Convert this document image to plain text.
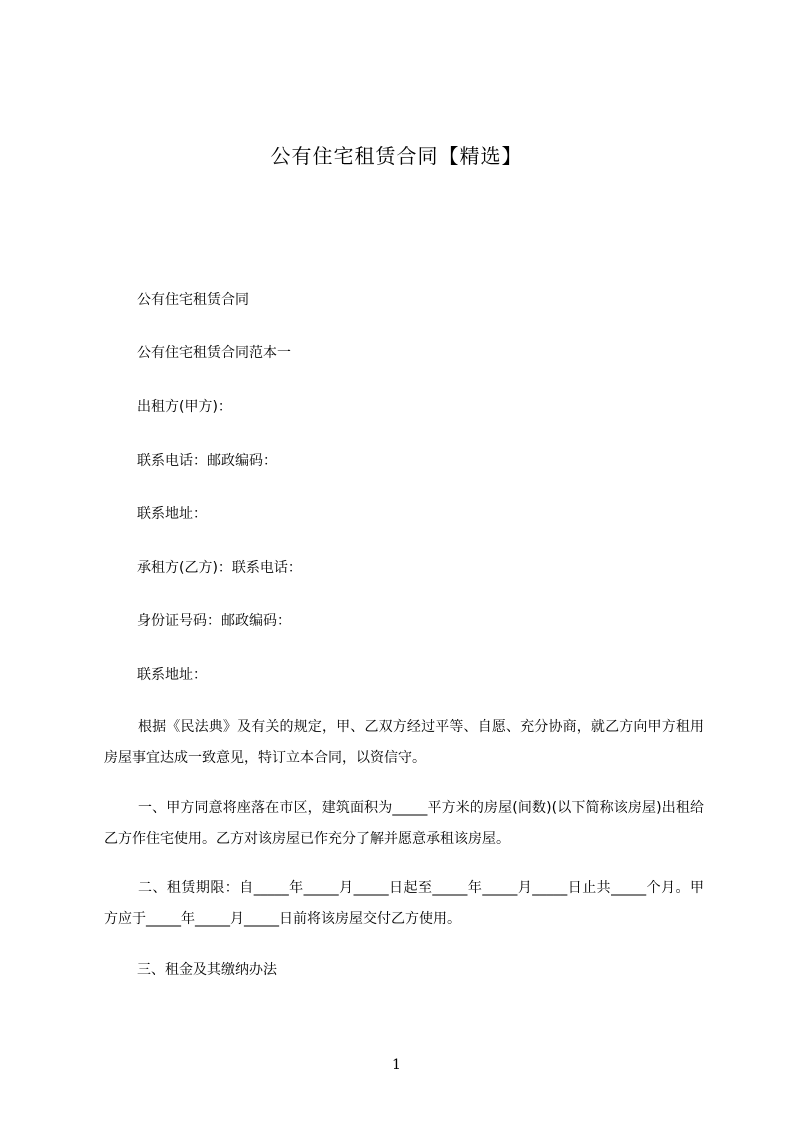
公有住宅租赁合同【精选】
公有住宅租赁合同
公有住宅租赁合同范本一
出租方(甲方)：
联系电话：邮政编码：
联系地址：
承租方(乙方)：联系电话：
身份证号码：邮政编码：
联系地址：
根据《民法典》及有关的规定，甲、乙双方经过平等、自愿、充分协商，就乙方向甲方租用房屋事宜达成一致意见，特订立本合同，以资信守。
一、甲方同意将座落在市区，建筑面积为_____平方米的房屋(间数)(以下简称该房屋)出租给乙方作住宅使用。乙方对该房屋已作充分了解并愿意承租该房屋。
二、租赁期限：自_____年_____月_____日起至_____年_____月_____日止共_____个月。甲方应于_____年_____月_____日前将该房屋交付乙方使用。
三、租金及其缴纳办法
1
